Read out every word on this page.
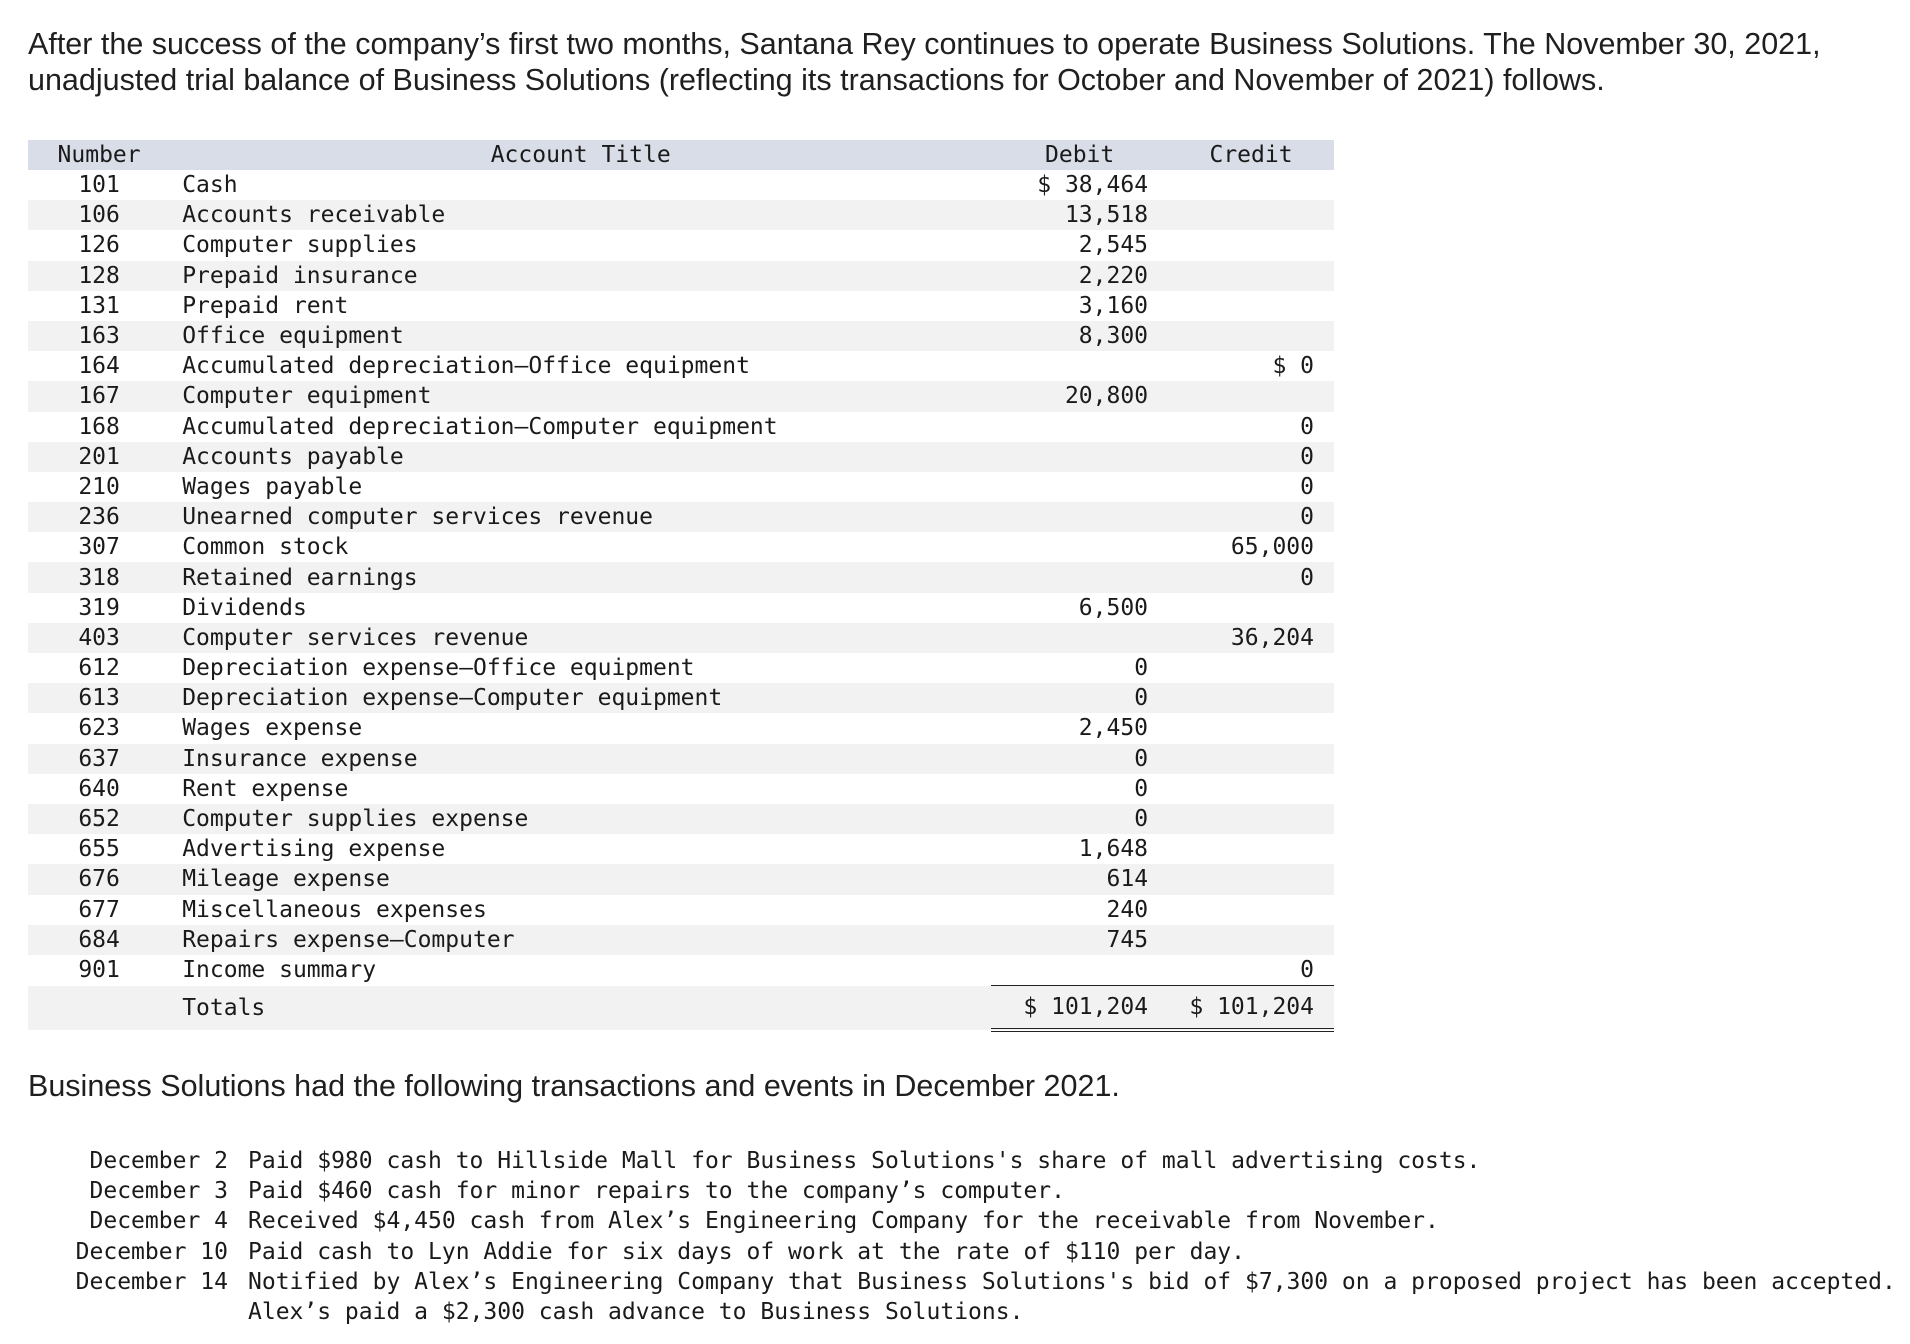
After the success of the company’s first two months, Santana Rey continues to operate Business Solutions. The November 30, 2021, unadjusted trial balance of Business Solutions (reflecting its transactions for October and November of 2021) follows.
Number	Account Title	Debit	Credit
101	Cash	$ 38,464	
106	Accounts receivable	13,518	
126	Computer supplies	2,545	
128	Prepaid insurance	2,220	
131	Prepaid rent	3,160	
163	Office equipment	8,300	
164	Accumulated depreciation—Office equipment		$ 0
167	Computer equipment	20,800	
168	Accumulated depreciation—Computer equipment		0
201	Accounts payable		0
210	Wages payable		0
236	Unearned computer services revenue		0
307	Common stock		65,000
318	Retained earnings		0
319	Dividends	6,500	
403	Computer services revenue		36,204
612	Depreciation expense—Office equipment	0	
613	Depreciation expense—Computer equipment	0	
623	Wages expense	2,450	
637	Insurance expense	0	
640	Rent expense	0	
652	Computer supplies expense	0	
655	Advertising expense	1,648	
676	Mileage expense	614	
677	Miscellaneous expenses	240	
684	Repairs expense—Computer	745	
901	Income summary		0
	Totals	$ 101,204	$ 101,204
Business Solutions had the following transactions and events in December 2021.
December 2	Paid $980 cash to Hillside Mall for Business Solutions's share of mall advertising costs.
December 3	Paid $460 cash for minor repairs to the company’s computer.
December 4	Received $4,450 cash from Alex’s Engineering Company for the receivable from November.
December 10	Paid cash to Lyn Addie for six days of work at the rate of $110 per day.
December 14	Notified by Alex’s Engineering Company that Business Solutions's bid of $7,300 on a proposed project has been accepted. Alex’s paid a $2,300 cash advance to Business Solutions.
